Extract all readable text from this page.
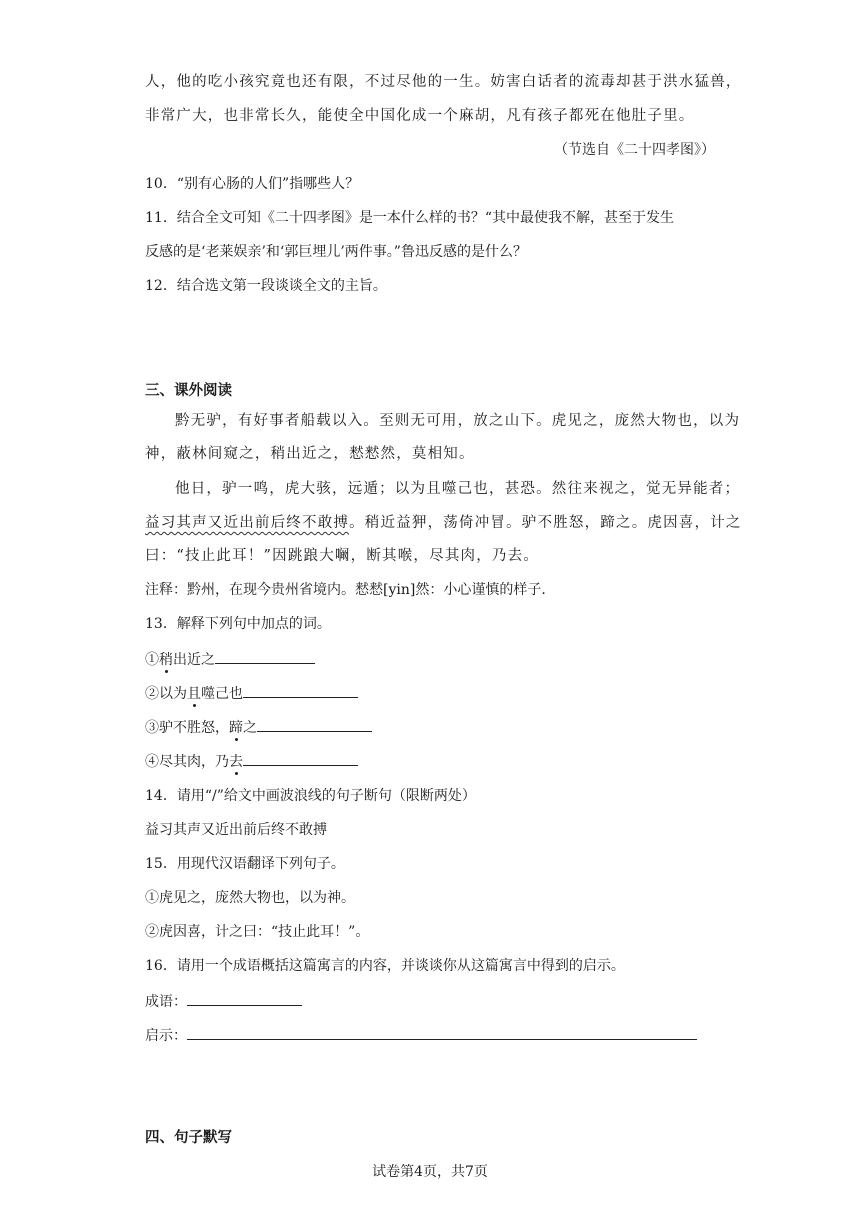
人，他的吃小孩究竟也还有限，不过尽他的一生。妨害白话者的流毒却甚于洪水猛兽，
非常广大，也非常长久，能使全中国化成一个麻胡，凡有孩子都死在他肚子里。
（节选自《二十四孝图》）
10．“别有心肠的人们”指哪些人？
11．结合全文可知《二十四孝图》是一本什么样的书？“其中最使我不解，甚至于发生
反感的是‘老莱娱亲’和‘郭巨埋儿’两件事。”鲁迅反感的是什么？
12．结合选文第一段谈谈全文的主旨。
三、课外阅读
黔无驴，有好事者船载以入。至则无可用，放之山下。虎见之，庞然大物也，以为
神，蔽林间窥之，稍出近之，慭慭然，莫相知。
他日，驴一鸣，虎大骇，远遁；以为且噬己也，甚恐。然往来视之，觉无异能者；
益习其声又近出前后终不敢搏。稍近益狎，荡倚冲冒。驴不胜怒，蹄之。虎因喜，计之
曰：“技止此耳！”因跳踉大㘎，断其喉，尽其肉，乃去。
注释：黔州，在现今贵州省境内。慭慭[yin]然：小心谨慎的样子.
13．解释下列句中加点的词。
①稍出近之
②以为且噬己也
③驴不胜怒，蹄之
④尽其肉，乃去
14．请用“/”给文中画波浪线的句子断句（限断两处）
益习其声又近出前后终不敢搏
15．用现代汉语翻译下列句子。
①虎见之，庞然大物也，以为神。
②虎因喜，计之曰：“技止此耳！”。
16．请用一个成语概括这篇寓言的内容，并谈谈你从这篇寓言中得到的启示。
成语：
启示：
四、句子默写
试卷第4页，共7页
